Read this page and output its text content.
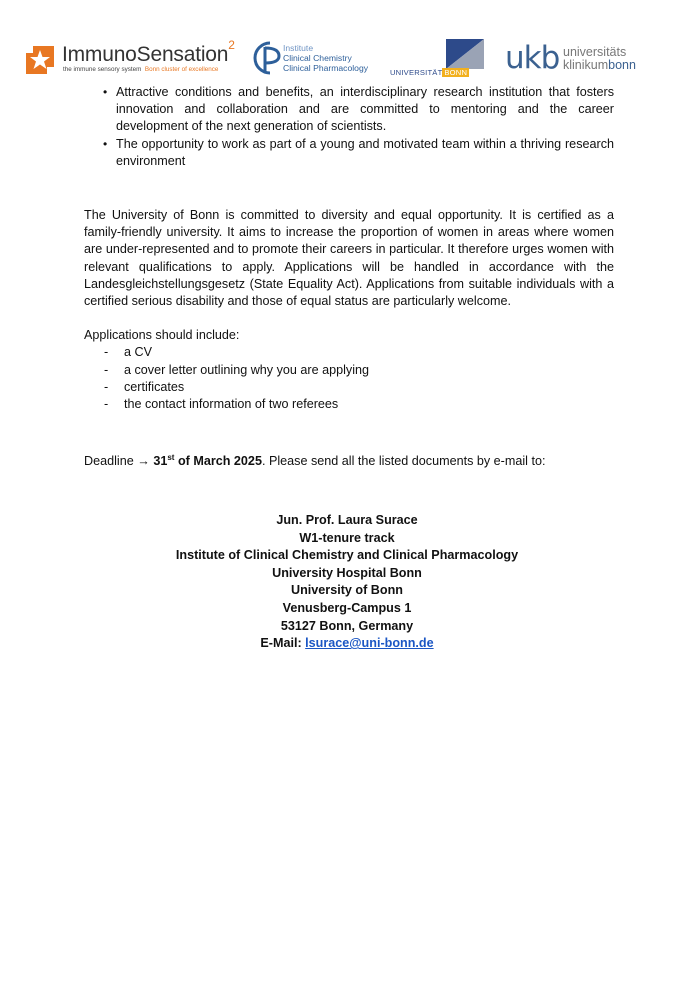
ImmunoSensation$^2$
the immune sensory system Bonn cluster of excellence
Institute
Clinical Chemistry
Clinical Pharmacology	UNIVERSITÄT BONN ukb universitäts
klinikumbonn
• Attractive conditions and benefits, an interdisciplinary research institution that fosters innovation and collaboration and are committed to mentoring and the career development of the next generation of scientists.
• The opportunity to work as part of a young and motivated team within a thriving research environment
The University of Bonn is committed to diversity and equal opportunity. It is certified as a family-friendly university. It aims to increase the proportion of women in areas where women are under-represented and to promote their careers in particular. It therefore urges women with relevant qualifications to apply. Applications will be handled in accordance with the Landesgleichstellungsgesetz (State Equality Act). Applications from suitable individuals with a certified serious disability and those of equal status are particularly welcome.
Applications should include:
- a CV
- a cover letter outlining why you are applying
- certificates
- the contact information of two referees
Deadline → 31st of March 2025. Please send all the listed documents by e-mail to:
Jun. Prof. Laura Surace
W1-tenure track
Institute of Clinical Chemistry and Clinical Pharmacology
University Hospital Bonn
University of Bonn
Venusberg-Campus 1
53127 Bonn, Germany
E-Mail: lsurace@uni-bonn.de
